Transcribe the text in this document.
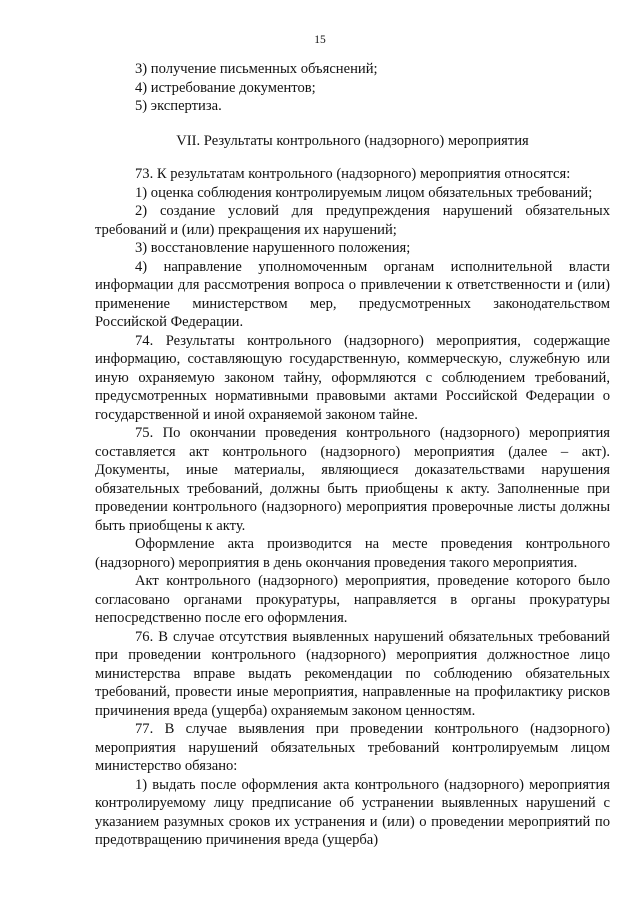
15

3) получение письменных объяснений;

4) истребование документов;

5) экспертиза.

VII. Результаты контрольного (надзорного) мероприятия

73. К результатам контрольного (надзорного) мероприятия относятся:

1) оценка соблюдения контролируемым лицом обязательных требований;

2) создание условий для предупреждения нарушений обязательных требований и (или) прекращения их нарушений;

3) восстановление нарушенного положения;

4) направление уполномоченным органам исполнительной власти информации для рассмотрения вопроса о привлечении к ответственности и (или) применение министерством мер, предусмотренных законодательством Российской Федерации.

74. Результаты контрольного (надзорного) мероприятия, содержащие информацию, составляющую государственную, коммерческую, служебную или иную охраняемую законом тайну, оформляются с соблюдением требований, предусмотренных нормативными правовыми актами Российской Федерации о государственной и иной охраняемой законом тайне.

75. По окончании проведения контрольного (надзорного) мероприятия составляется акт контрольного (надзорного) мероприятия (далее – акт). Документы, иные материалы, являющиеся доказательствами нарушения обязательных требований, должны быть приобщены к акту. Заполненные при проведении контрольного (надзорного) мероприятия проверочные листы должны быть приобщены к акту.

Оформление акта производится на месте проведения контрольного (надзорного) мероприятия в день окончания проведения такого мероприятия.

Акт контрольного (надзорного) мероприятия, проведение которого было согласовано органами прокуратуры, направляется в органы прокуратуры непосредственно после его оформления.

76. В случае отсутствия выявленных нарушений обязательных требований при проведении контрольного (надзорного) мероприятия должностное лицо министерства вправе выдать рекомендации по соблюдению обязательных требований, провести иные мероприятия, направленные на профилактику рисков причинения вреда (ущерба) охраняемым законом ценностям.

77. В случае выявления при проведении контрольного (надзорного) мероприятия нарушений обязательных требований контролируемым лицом министерство обязано:

1) выдать после оформления акта контрольного (надзорного) мероприятия контролируемому лицу предписание об устранении выявленных нарушений с указанием разумных сроков их устранения и (или) о проведении мероприятий по предотвращению причинения вреда (ущерба)
